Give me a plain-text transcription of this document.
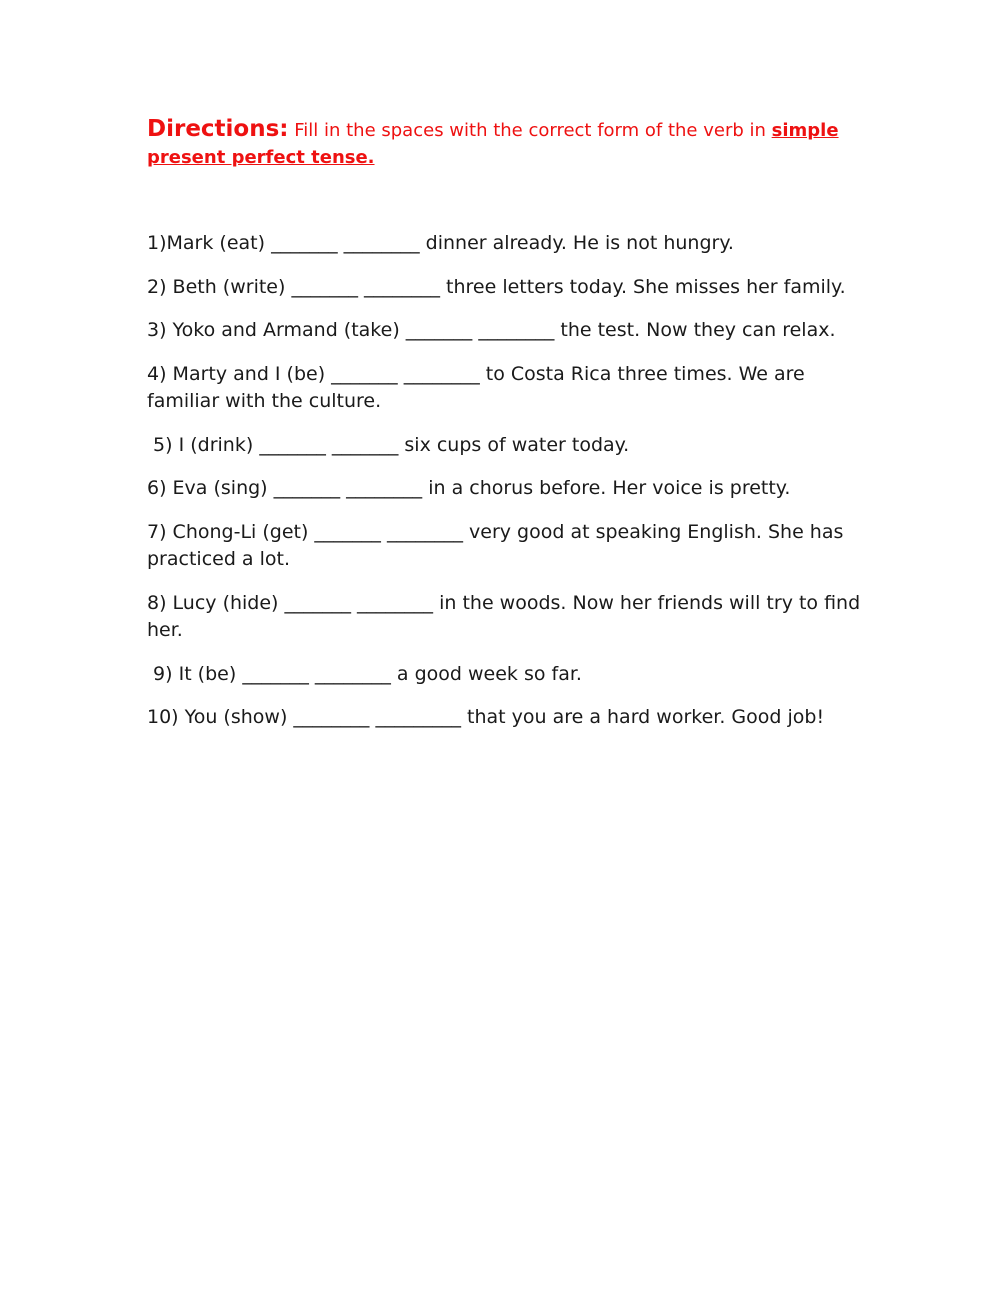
Directions: Fill in the spaces with the correct form of the verb in simple present perfect tense.

1)Mark (eat) _______ ________ dinner already. He is not hungry.

2) Beth (write) _______ ________ three letters today. She misses her family.

3) Yoko and Armand (take) _______ ________ the test. Now they can relax.

4) Marty and I (be) _______ ________ to Costa Rica three times. We are familiar with the culture.

5) I (drink) _______ _______ six cups of water today.

6) Eva (sing) _______ ________ in a chorus before. Her voice is pretty.

7) Chong-Li (get) _______ ________ very good at speaking English. She has practiced a lot.

8) Lucy (hide) _______ ________ in the woods. Now her friends will try to find her.

9) It (be) _______ ________ a good week so far.

10) You (show) ________ _________ that you are a hard worker. Good job!
